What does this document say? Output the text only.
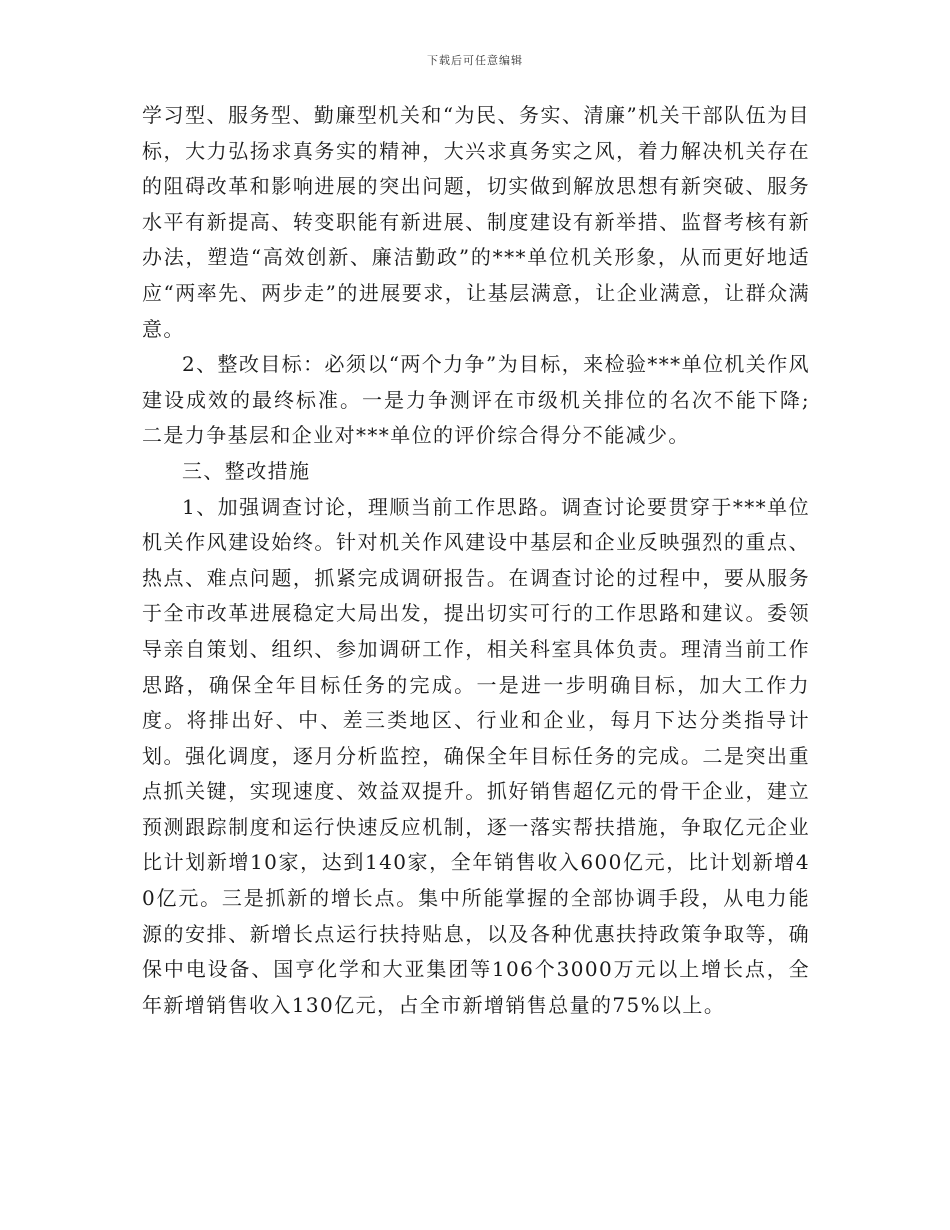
下载后可任意编辑

学习型、服务型、勤廉型机关和“为民、务实、清廉”机关干部队伍为目标，大力弘扬求真务实的精神，大兴求真务实之风，着力解决机关存在的阻碍改革和影响进展的突出问题，切实做到解放思想有新突破、服务水平有新提高、转变职能有新进展、制度建设有新举措、监督考核有新办法，塑造“高效创新、廉洁勤政”的***单位机关形象，从而更好地适应“两率先、两步走”的进展要求，让基层满意，让企业满意，让群众满意。

2、整改目标：必须以“两个力争”为目标，来检验***单位机关作风建设成效的最终标准。一是力争测评在市级机关排位的名次不能下降;二是力争基层和企业对***单位的评价综合得分不能减少。

三、整改措施

1、加强调查讨论，理顺当前工作思路。调查讨论要贯穿于***单位机关作风建设始终。针对机关作风建设中基层和企业反映强烈的重点、热点、难点问题，抓紧完成调研报告。在调查讨论的过程中，要从服务于全市改革进展稳定大局出发，提出切实可行的工作思路和建议。委领导亲自策划、组织、参加调研工作，相关科室具体负责。理清当前工作思路，确保全年目标任务的完成。一是进一步明确目标，加大工作力度。将排出好、中、差三类地区、行业和企业，每月下达分类指导计划。强化调度，逐月分析监控，确保全年目标任务的完成。二是突出重点抓关键，实现速度、效益双提升。抓好销售超亿元的骨干企业，建立预测跟踪制度和运行快速反应机制，逐一落实帮扶措施，争取亿元企业比计划新增10家，达到140家，全年销售收入600亿元，比计划新增40亿元。三是抓新的增长点。集中所能掌握的全部协调手段，从电力能源的安排、新增长点运行扶持贴息，以及各种优惠扶持政策争取等，确保中电设备、国亨化学和大亚集团等106个3000万元以上增长点，全年新增销售收入130亿元，占全市新增销售总量的75%以上。
